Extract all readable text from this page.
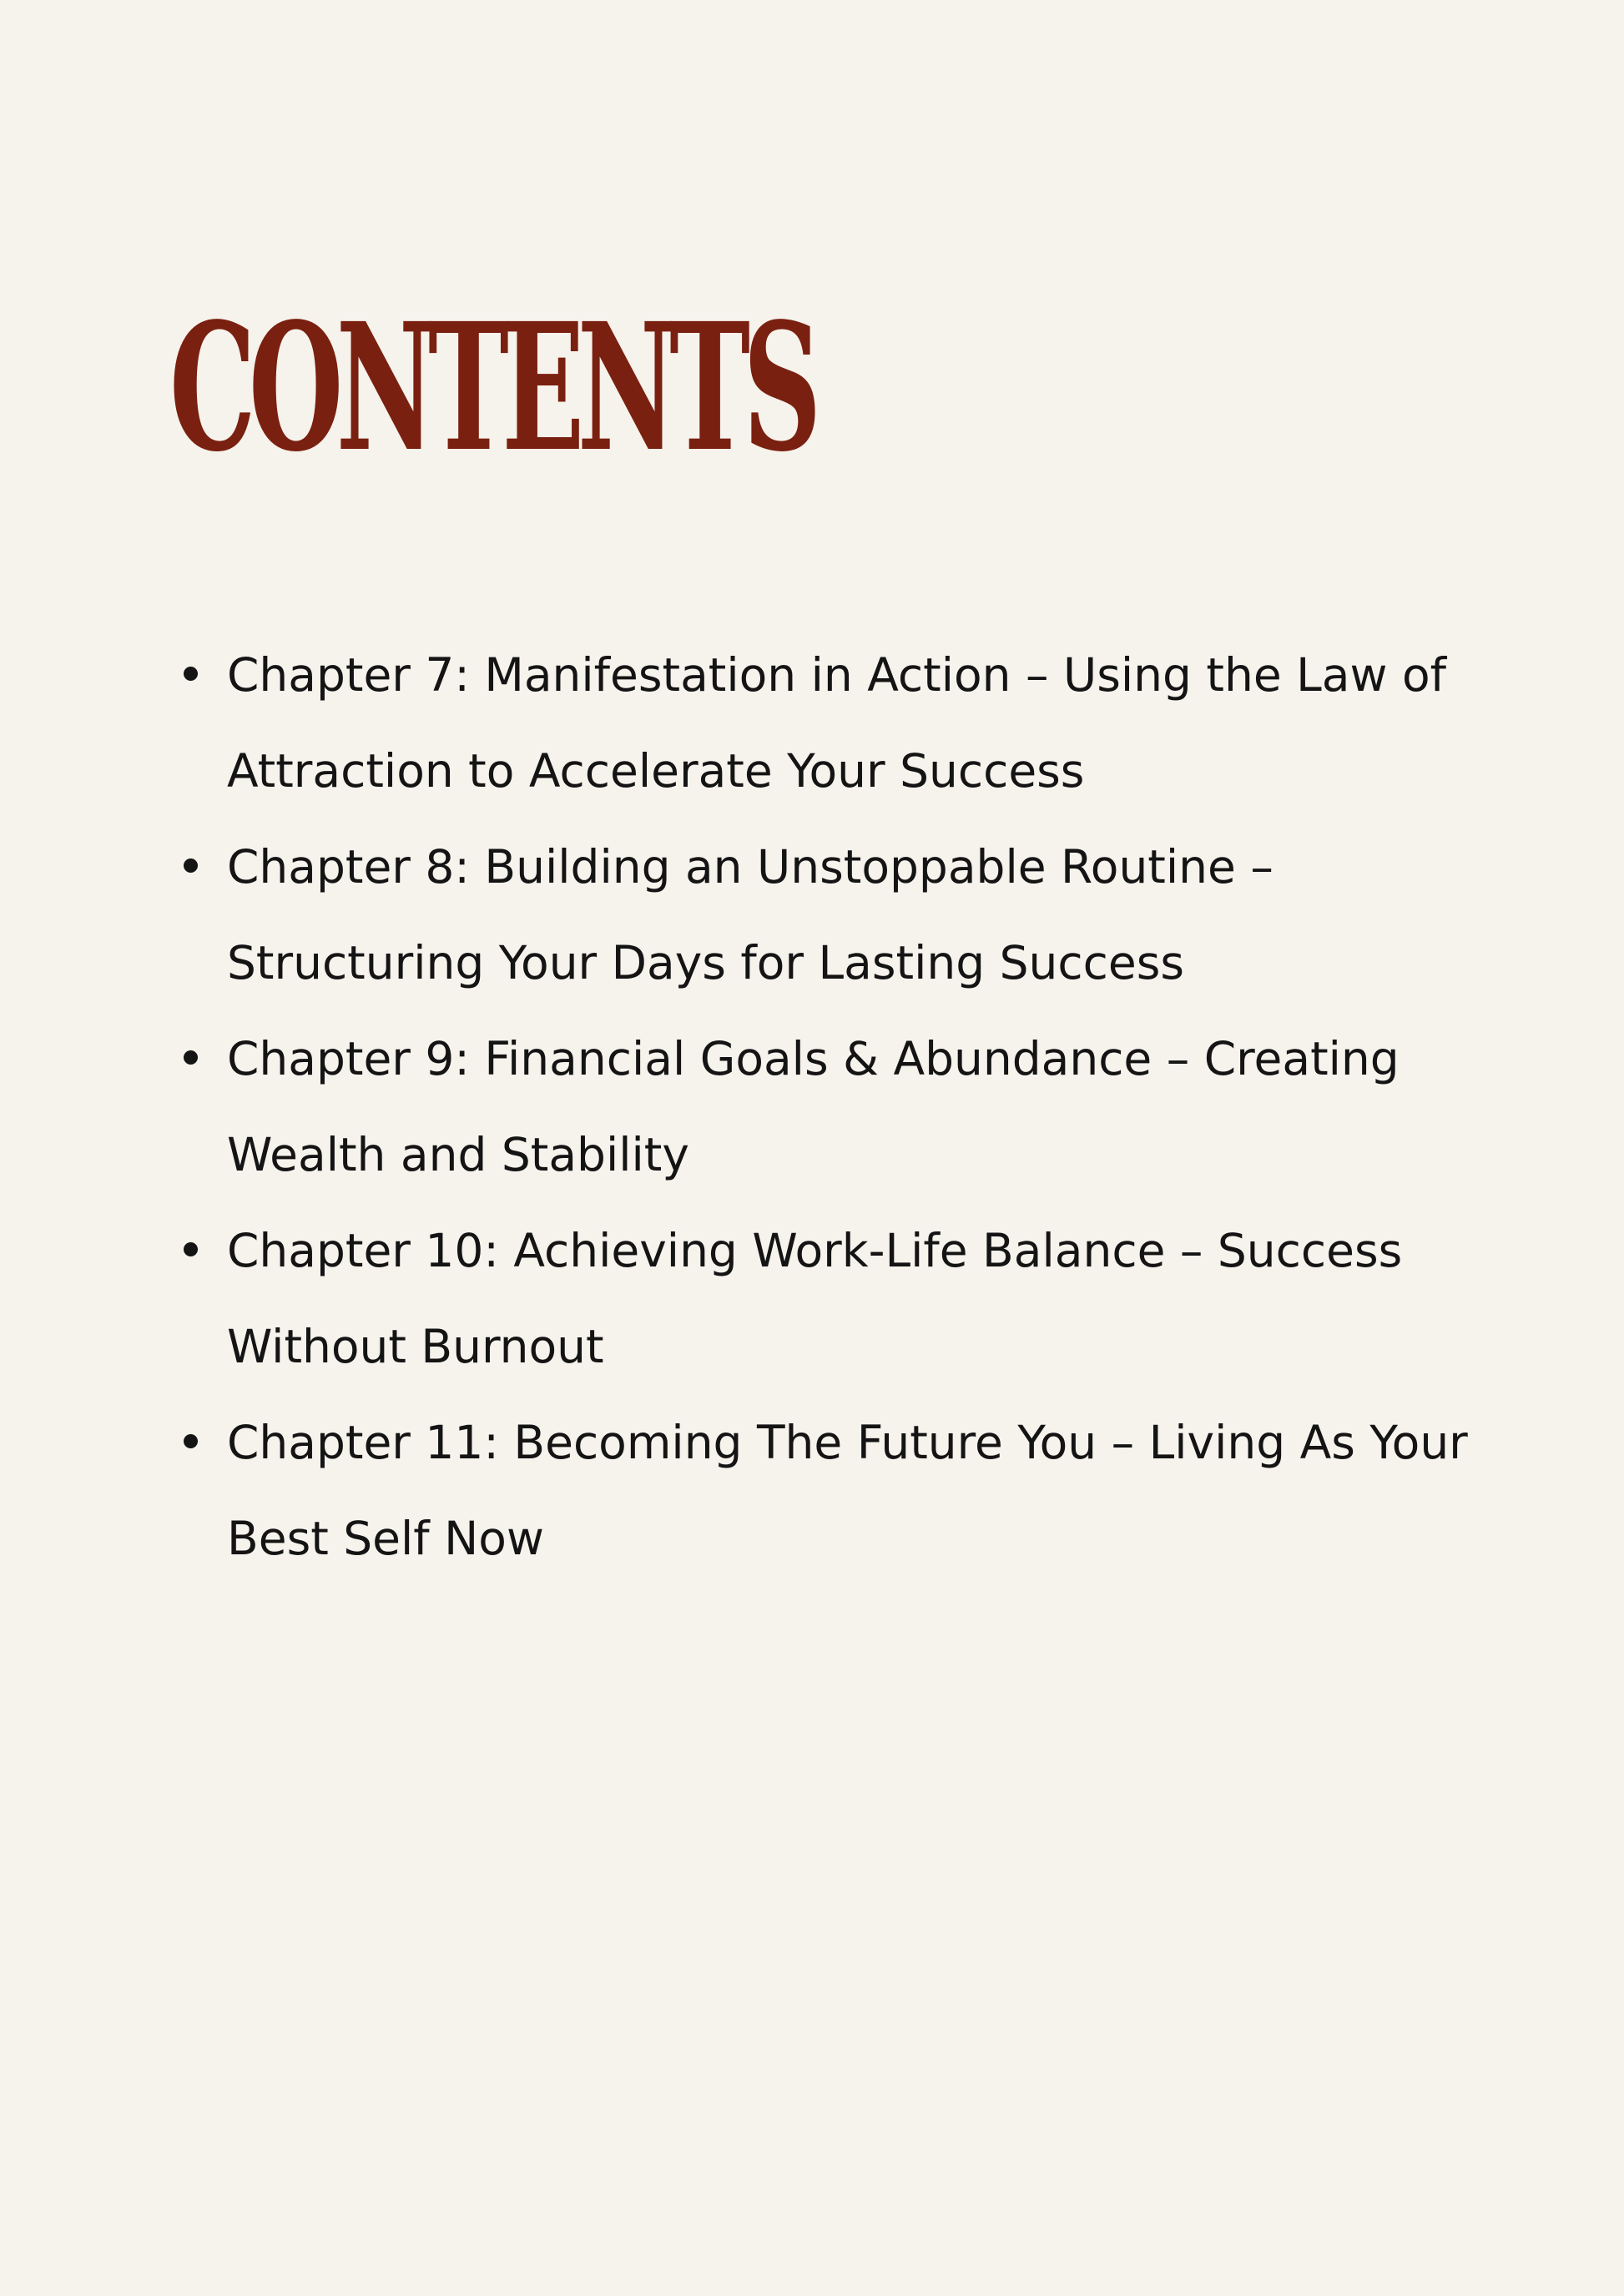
CONTENTS
Chapter 7: Manifestation in Action – Using the Law of Attraction to Accelerate Your Success
Chapter 8: Building an Unstoppable Routine – Structuring Your Days for Lasting Success
Chapter 9: Financial Goals & Abundance – Creating Wealth and Stability
Chapter 10: Achieving Work-Life Balance – Success Without Burnout
Chapter 11: Becoming The Future You – Living As Your Best Self Now
